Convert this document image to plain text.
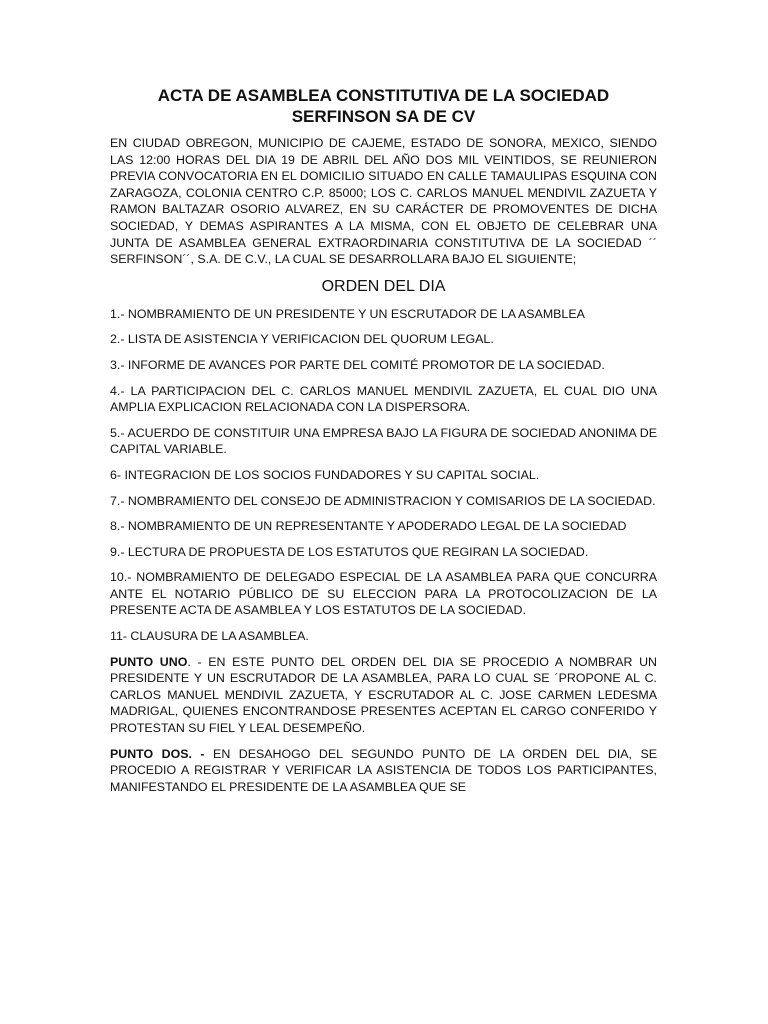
ACTA DE ASAMBLEA CONSTITUTIVA DE LA SOCIEDAD
SERFINSON SA DE CV

EN CIUDAD OBREGON, MUNICIPIO DE CAJEME, ESTADO DE SONORA, MEXICO, SIENDO LAS 12:00 HORAS DEL DIA 19 DE ABRIL DEL AÑO DOS MIL VEINTIDOS, SE REUNIERON PREVIA CONVOCATORIA EN EL DOMICILIO SITUADO EN CALLE TAMAULIPAS ESQUINA CON ZARAGOZA, COLONIA CENTRO C.P. 85000; LOS C. CARLOS MANUEL MENDIVIL ZAZUETA Y RAMON BALTAZAR OSORIO ALVAREZ, EN SU CARÁCTER DE PROMOVENTES DE DICHA SOCIEDAD, Y DEMAS ASPIRANTES A LA MISMA, CON EL OBJETO DE CELEBRAR UNA JUNTA DE ASAMBLEA GENERAL EXTRAORDINARIA CONSTITUTIVA DE LA SOCIEDAD ´´ SERFINSON´´, S.A. DE C.V., LA CUAL SE DESARROLLARA BAJO EL SIGUIENTE;

ORDEN DEL DIA

1.- NOMBRAMIENTO DE UN PRESIDENTE Y UN ESCRUTADOR DE LA ASAMBLEA

2.- LISTA DE ASISTENCIA Y VERIFICACION DEL QUORUM LEGAL.

3.- INFORME DE AVANCES POR PARTE DEL COMITÉ PROMOTOR DE LA SOCIEDAD.

4.- LA PARTICIPACION DEL C. CARLOS MANUEL MENDIVIL ZAZUETA, EL CUAL DIO UNA AMPLIA EXPLICACION RELACIONADA CON LA DISPERSORA.

5.- ACUERDO DE CONSTITUIR UNA EMPRESA BAJO LA FIGURA DE SOCIEDAD ANONIMA DE CAPITAL VARIABLE.

6- INTEGRACION DE LOS SOCIOS FUNDADORES Y SU CAPITAL SOCIAL.

7.- NOMBRAMIENTO DEL CONSEJO DE ADMINISTRACION Y COMISARIOS DE LA SOCIEDAD.

8.- NOMBRAMIENTO DE UN REPRESENTANTE Y APODERADO LEGAL DE LA SOCIEDAD

9.- LECTURA DE PROPUESTA DE LOS ESTATUTOS QUE REGIRAN LA SOCIEDAD.

10.- NOMBRAMIENTO DE DELEGADO ESPECIAL DE LA ASAMBLEA PARA QUE CONCURRA ANTE EL NOTARIO PÚBLICO DE SU ELECCION PARA LA PROTOCOLIZACION DE LA PRESENTE ACTA DE ASAMBLEA Y LOS ESTATUTOS DE LA SOCIEDAD.

11- CLAUSURA DE LA ASAMBLEA.

PUNTO UNO. - EN ESTE PUNTO DEL ORDEN DEL DIA SE PROCEDIO A NOMBRAR UN PRESIDENTE Y UN ESCRUTADOR DE LA ASAMBLEA, PARA LO CUAL SE ´PROPONE AL C. CARLOS MANUEL MENDIVIL ZAZUETA, Y ESCRUTADOR AL C. JOSE CARMEN LEDESMA MADRIGAL, QUIENES ENCONTRANDOSE PRESENTES ACEPTAN EL CARGO CONFERIDO Y PROTESTAN SU FIEL Y LEAL DESEMPEÑO.

PUNTO DOS. - EN DESAHOGO DEL SEGUNDO PUNTO DE LA ORDEN DEL DIA, SE PROCEDIO A REGISTRAR Y VERIFICAR LA ASISTENCIA DE TODOS LOS PARTICIPANTES, MANIFESTANDO EL PRESIDENTE DE LA ASAMBLEA QUE SE
